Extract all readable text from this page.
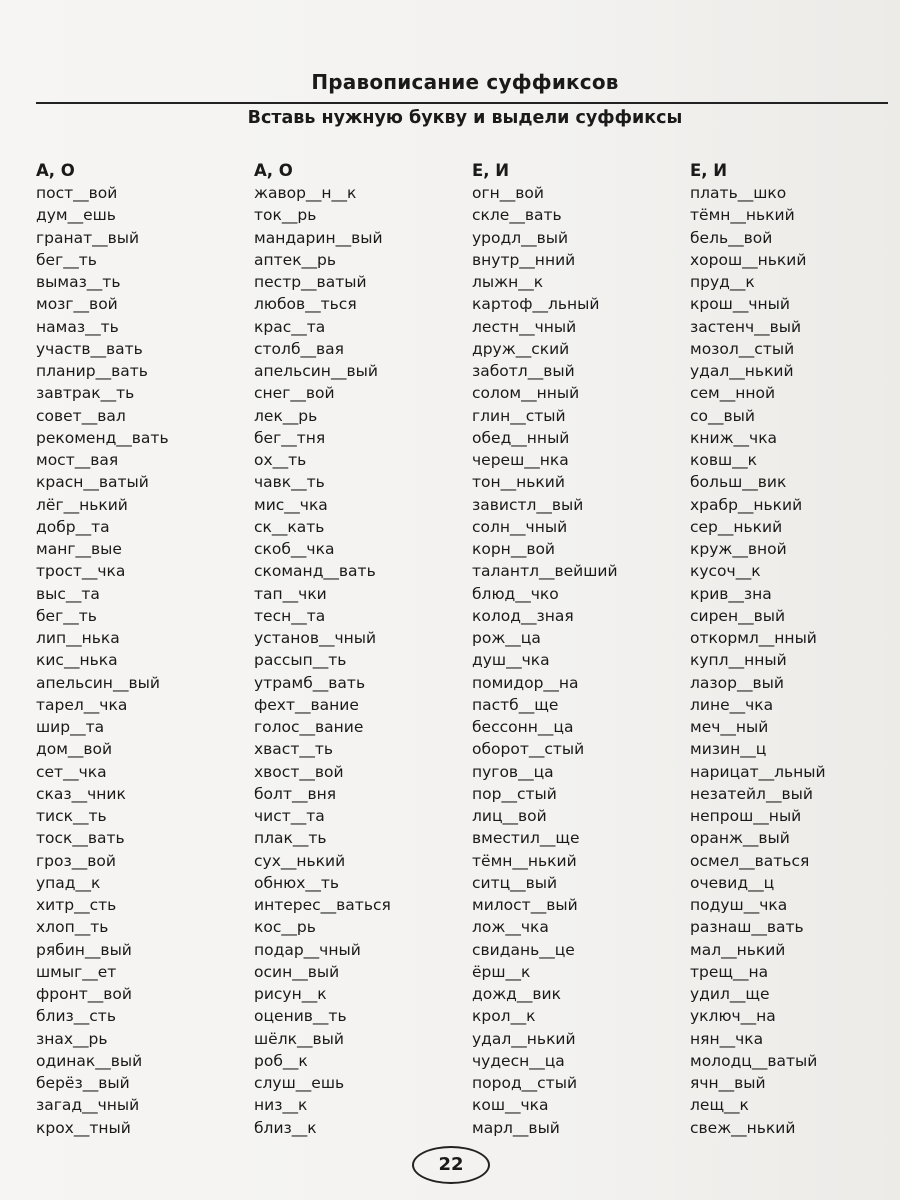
Правописание суффиксов
Вставь нужную букву и выдели суффиксы
А, О
пост__вой
дум__ешь
гранат__вый
бег__ть
вымаз__ть
мозг__вой
намаз__ть
участв__вать
планир__вать
завтрак__ть
совет__вал
рекоменд__вать
мост__вая
красн__ватый
лёг__нький
добр__та
манг__вые
трост__чка
выс__та
бег__ть
лип__нька
кис__нька
апельсин__вый
тарел__чка
шир__та
дом__вой
сет__чка
сказ__чник
тиск__ть
тоск__вать
гроз__вой
упад__к
хитр__сть
хлоп__ть
рябин__вый
шмыг__ет
фронт__вой
близ__сть
знах__рь
одинак__вый
берёз__вый
загад__чный
крох__тный
А, О
жавор__н__к
ток__рь
мандарин__вый
аптек__рь
пестр__ватый
любов__ться
крас__та
столб__вая
апельсин__вый
снег__вой
лек__рь
бег__тня
ох__ть
чавк__ть
мис__чка
ск__кать
скоб__чка
скоманд__вать
тап__чки
тесн__та
установ__чный
рассып__ть
утрамб__вать
фехт__вание
голос__вание
хваст__ть
хвост__вой
болт__вня
чист__та
плак__ть
сух__нький
обнюх__ть
интерес__ваться
кос__рь
подар__чный
осин__вый
рисун__к
оценив__ть
шёлк__вый
роб__к
слуш__ешь
низ__к
близ__к
Е, И
огн__вой
скле__вать
уродл__вый
внутр__нний
лыжн__к
картоф__льный
лестн__чный
друж__ский
заботл__вый
солом__нный
глин__стый
обед__нный
череш__нка
тон__нький
завистл__вый
солн__чный
корн__вой
талантл__вейший
блюд__чко
колод__зная
рож__ца
душ__чка
помидор__на
пастб__ще
бессонн__ца
оборот__стый
пугов__ца
пор__стый
лиц__вой
вместил__ще
тёмн__нький
ситц__вый
милост__вый
лож__чка
свидань__це
ёрш__к
дожд__вик
крол__к
удал__нький
чудесн__ца
пород__стый
кош__чка
марл__вый
Е, И
плать__шко
тёмн__нький
бель__вой
хорош__нький
пруд__к
крош__чный
застенч__вый
мозол__стый
удал__нький
сем__нной
со__вый
книж__чка
ковш__к
больш__вик
храбр__нький
сер__нький
круж__вной
кусоч__к
крив__зна
сирен__вый
откормл__нный
купл__нный
лазор__вый
лине__чка
меч__ный
мизин__ц
нарицат__льный
незатейл__вый
непрош__ный
оранж__вый
осмел__ваться
очевид__ц
подуш__чка
разнаш__вать
мал__нький
трещ__на
удил__ще
уключ__на
нян__чка
молодц__ватый
ячн__вый
лещ__к
свеж__нький
22
